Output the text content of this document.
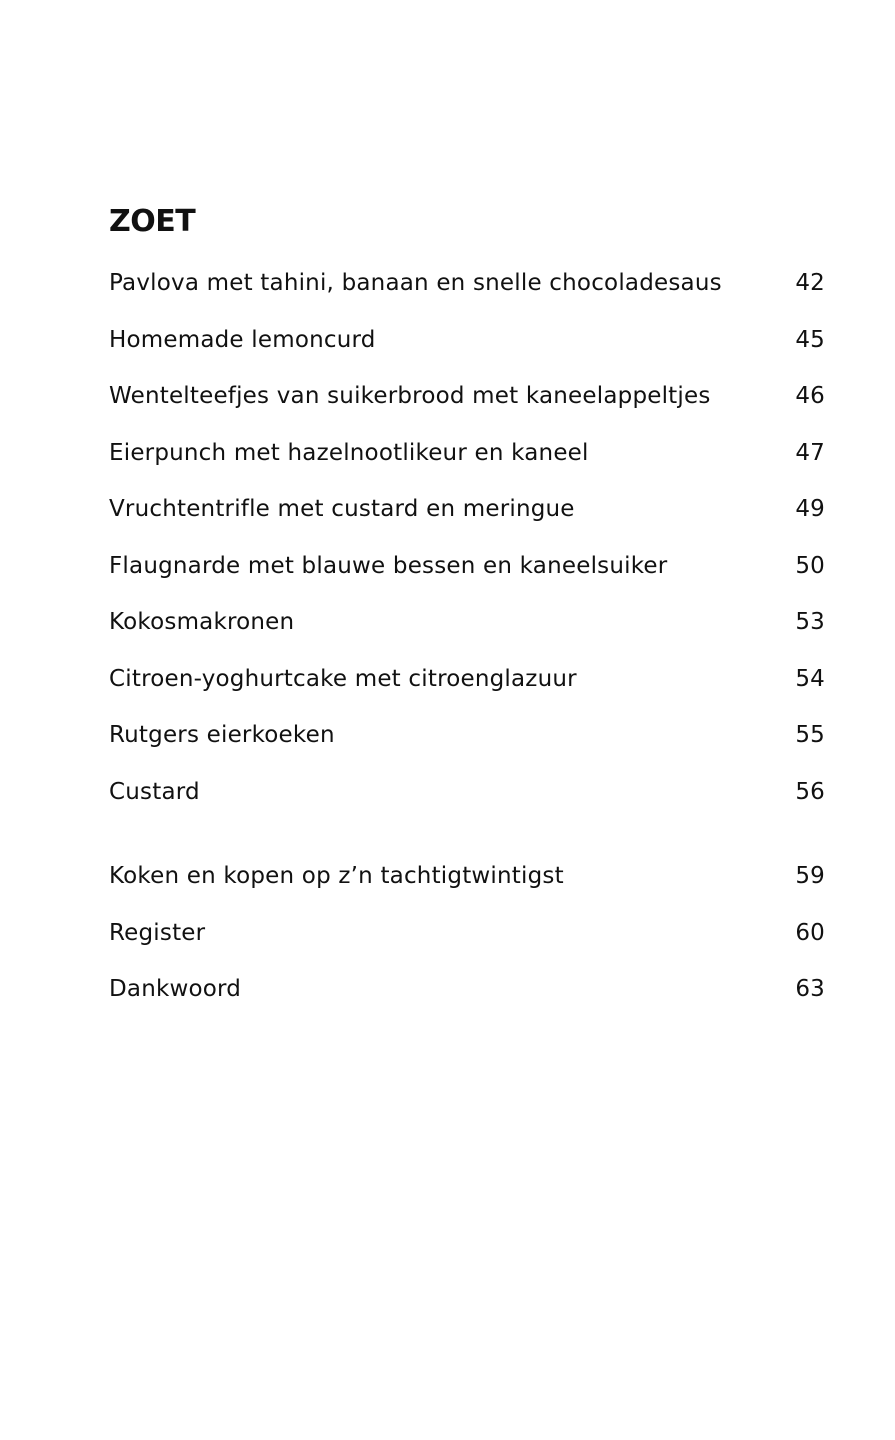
ZOET
Pavlova met tahini, banaan en snelle chocoladesaus	42
Homemade lemoncurd	45
Wentelteefjes van suikerbrood met kaneelappeltjes	46
Eierpunch met hazelnootlikeur en kaneel	47
Vruchtentrifle met custard en meringue	49
Flaugnarde met blauwe bessen en kaneelsuiker	50
Kokosmakronen	53
Citroen-yoghurtcake met citroenglazuur	54
Rutgers eierkoeken	55
Custard	56
Koken en kopen op z’n tachtigtwintigst	59
Register	60
Dankwoord	63
